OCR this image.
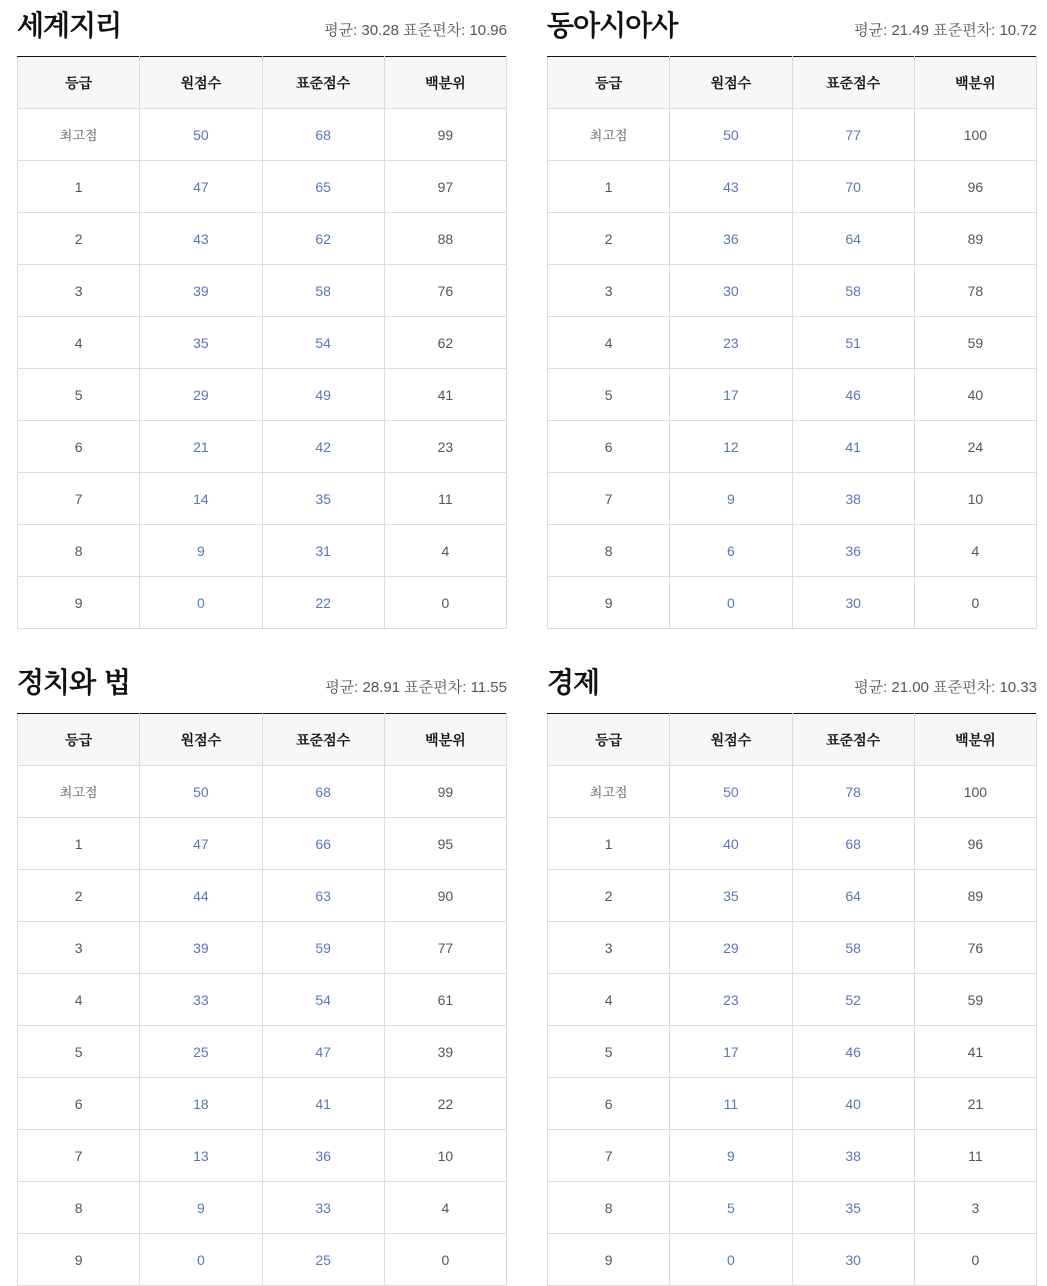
세계지리	평균: 30.28 표준편차: 10.96
등급	원점수	표준점수	백분위
최고점	50	68	99
1	47	65	97
2	43	62	88
3	39	58	76
4	35	54	62
5	29	49	41
6	21	42	23
7	14	35	11
8	9	31	4
9	0	22	0
동아시아사	평균: 21.49 표준편차: 10.72
등급	원점수	표준점수	백분위
최고점	50	77	100
1	43	70	96
2	36	64	89
3	30	58	78
4	23	51	59
5	17	46	40
6	12	41	24
7	9	38	10
8	6	36	4
9	0	30	0
정치와 법	평균: 28.91 표준편차: 11.55
등급	원점수	표준점수	백분위
최고점	50	68	99
1	47	66	95
2	44	63	90
3	39	59	77
4	33	54	61
5	25	47	39
6	18	41	22
7	13	36	10
8	9	33	4
9	0	25	0
경제	평균: 21.00 표준편차: 10.33
등급	원점수	표준점수	백분위
최고점	50	78	100
1	40	68	96
2	35	64	89
3	29	58	76
4	23	52	59
5	17	46	41
6	11	40	21
7	9	38	11
8	5	35	3
9	0	30	0
